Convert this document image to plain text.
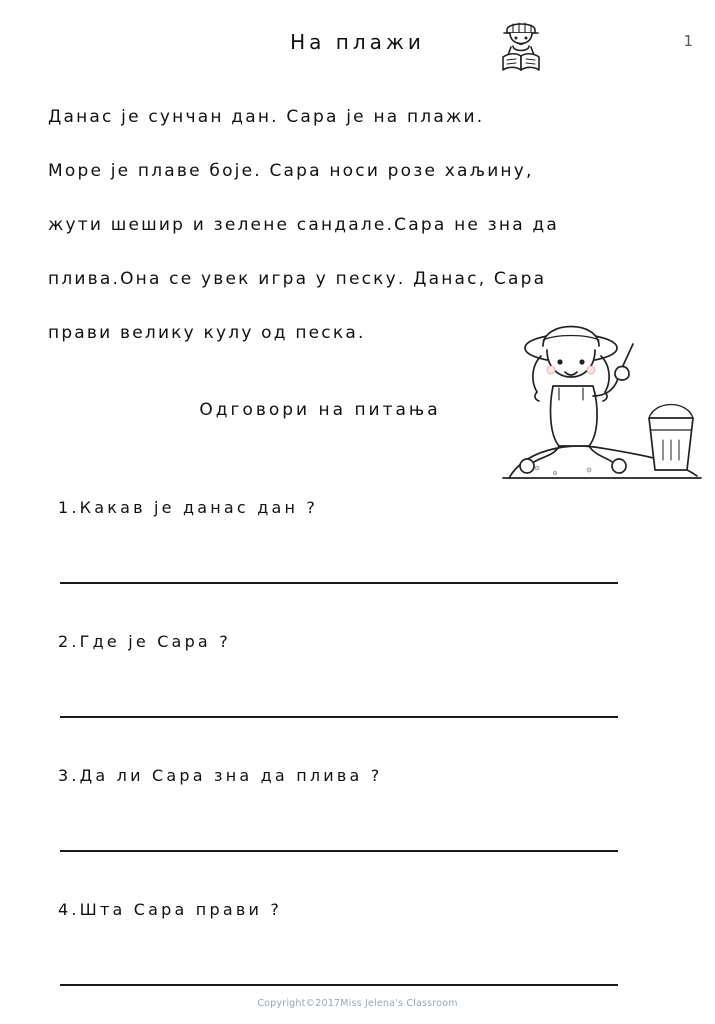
На плажи	1
Данас је сунчан дан. Сара је на плажи.
Море је плаве боје. Сара носи розе хаљину,
жути шешир и зелене сандале.Сара не зна да
плива.Она се увек игра у песку. Данас, Сара
прави велику кулу од песка.
Одговори на питања
1.Какав је данас дан ?
2.Где је Сара ?
3.Да ли Сара зна да плива ?
4.Шта Сара прави ?
Copyright©2017Miss Jelena's Classroom
